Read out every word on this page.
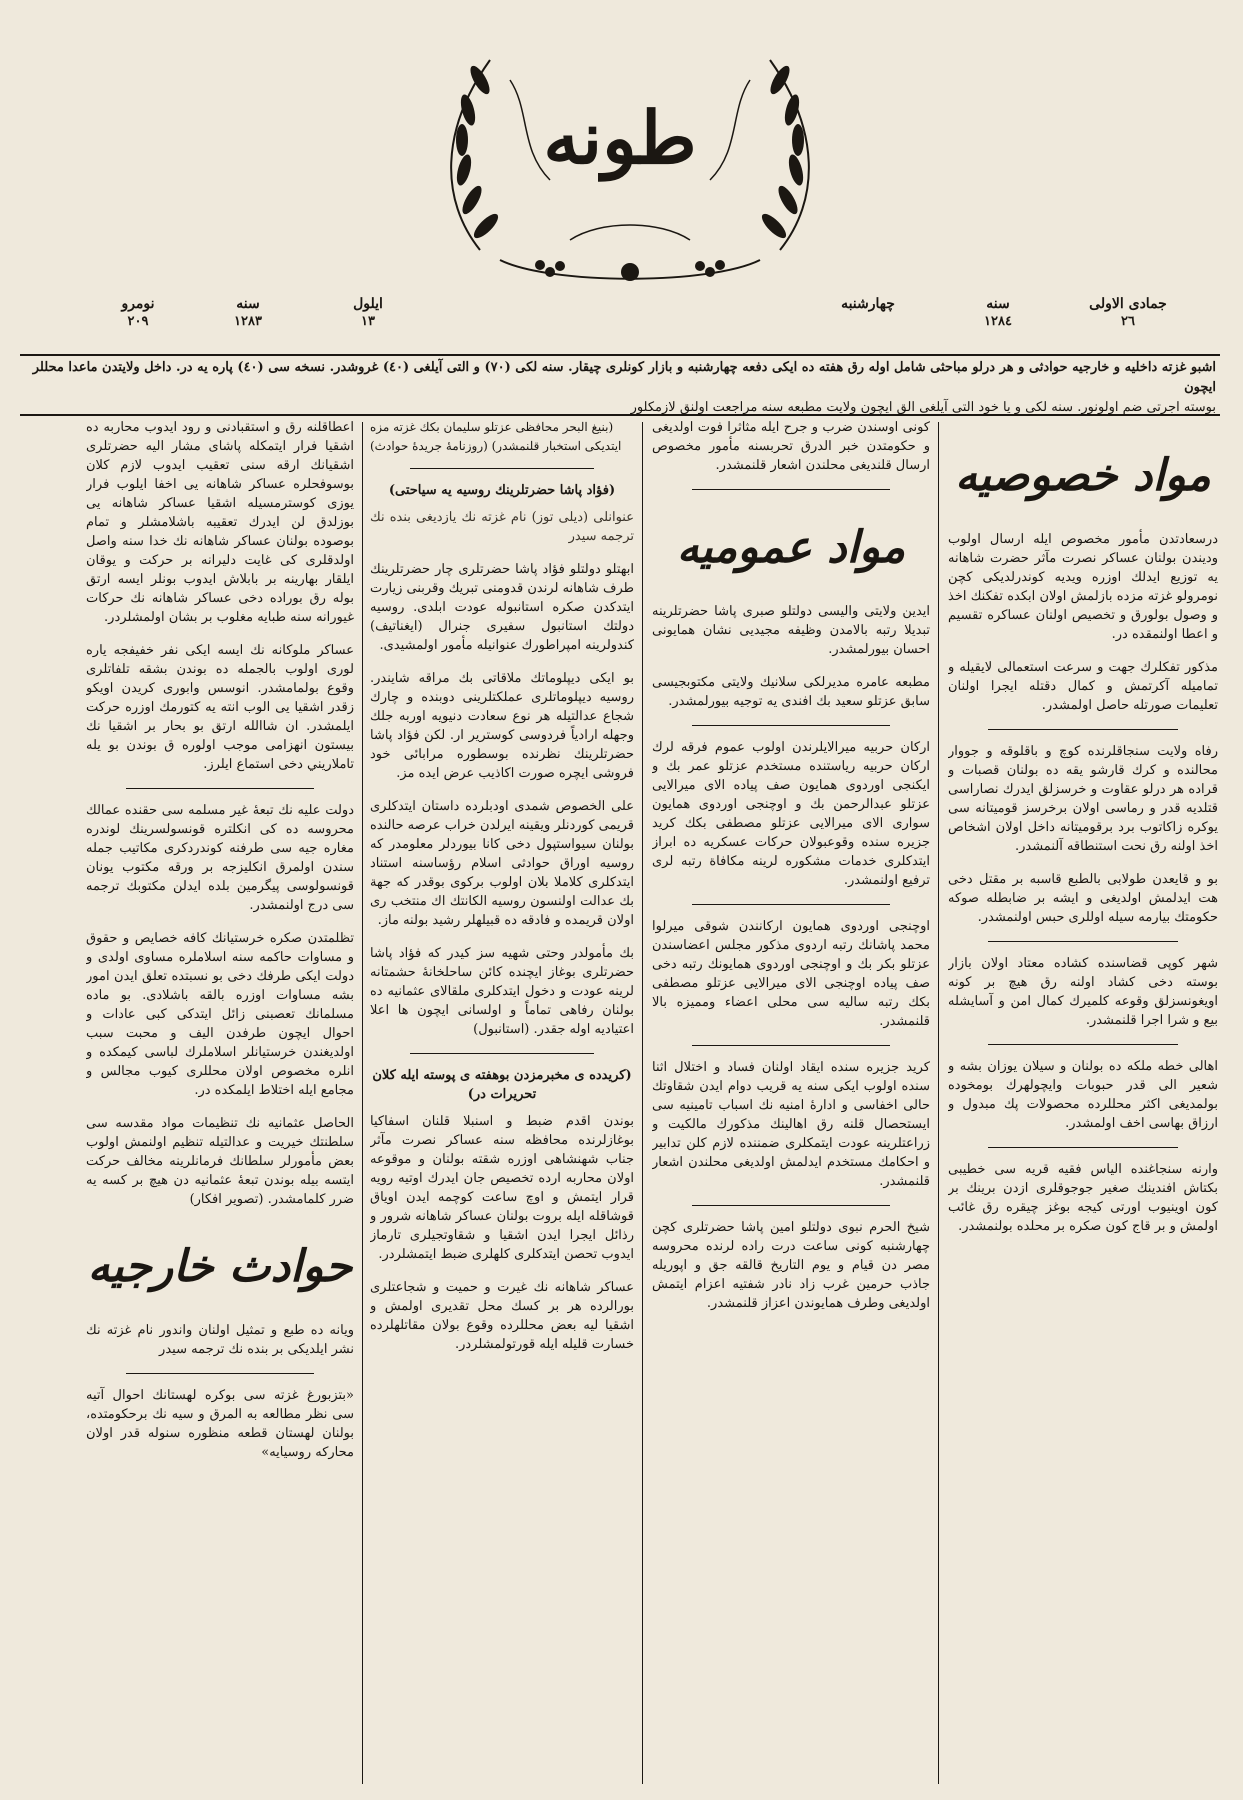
طونه
جمادى الاولى
٢٦
سنه
١٢٨٤
چهارشنبه
ايلول
١٣
سنه
١٢٨٣
نومرو
٢٠٩
اشبو غزته داخليه و خارجيه حوادثى و هر درلو مباحثى شامل اوله رق هفته ده ايكى دفعه چهارشنبه و بازار كونلرى چيقار. سنه لكى (٧٠) و التى آيلغى (٤٠) غروشدر. نسخه سى (٤٠) پاره يه در. داخل ولايتدن ماعدا محللر ايچون
بوسته اجرتى ضم اولونور. سنه لكى و يا خود التى آيلغى الق ايچون ولايت مطبعه سنه مراجعت اولنق لازمكلور
مواد خصوصيه

درسعادتدن مأمور مخصوص ايله ارسال اولوب وديندن بولنان عساكر نصرت مآثر حضرت شاهانه يه توزيع ايدلك اوزره ويديه كوندرلديكى كچن نومرولو غزته مزده بازلمش اولان ابكده تفكنك اخذ و وصول بولورق و تخصيص اولنان عساكره تقسيم و اعطا اولنمقده در.

مذكور تفكلرك جهت و سرعت استعمالى لايقيله و تماميله آكرتمش و كمال دقتله ايجرا اولنان تعليمات صورتله حاصل اولمشدر.

رفاه ولايت سنجاقلرنده كوچ و باقلوقه و جووار محالنده و كرك قارشو يقه ده بولنان قصبات و قراده هر درلو عقاوت و خرسزلق ايدرك نصاراسى قتلديه قدر و رماسى اولان برخرسز قوميتانه سى يوكره زاكاتوب برد برقوميتانه داخل اولان اشخاص اخذ اولنه رق نحت استنطاقه آلنمشدر.

بو و قايعدن طولابى بالطبع قاسبه بر مقتل دخى هت ايدلمش اولديغى و ايشه بر ضابطله صوكه حكومتك بيارمه سيله اوللرى حبس اولنمشدر.

شهر كوپى قضاسنده كشاده معتاد اولان بازار بوسته دخى كشاد اولنه رق هيچ بر كونه اويغونسزلق وقوعه كلميرك كمال امن و آسايشله بيع و شرا اجرا قلنمشدر.

اهالى خطه ملكه ده بولنان و سيلان يوزان بشه و شعير الى قدر حبوبات وايچولهرك بومخوده بولمديغى اكثر محللرده محصولات پك مبدول و ارزاق بهاسى اخف اولمشدر.

وارنه سنجاغنده الياس فقيه قريه سى خطيبى بكتاش افندينك صغير جوجوقلرى ازدن برينك بر كون اوينيوب اورتى كيجه بوغز چيقره رق غائب اولمش و بر قاج كون صكره بر محلده بولنمشدر.

كونى اوسندن ضرب و جرح ايله مثاثرا فوت اولديغى و حكومتدن خبر الدرق تحربسنه مأمور مخصوص ارسال قلنديغى محلندن اشعار قلنمشدر.

مواد عموميه

ايدين ولايتى واليسى دولتلو صبرى پاشا حضرتلرينه تبديلا رتبه بالامدن وظيفه مجيديى نشان همايونى احسان بيورلمشدر.

مطبعه عامره مديرلكى سلانيك ولايتى مكتوبجيسى سابق عزتلو سعيد بك افندى يه توجيه بيورلمشدر.

اركان حربيه ميرالايلرندن اولوب عموم فرقه لرك اركان حربيه رياستنده مستخدم عزتلو عمر بك و ايكنجى اوردوى همايون صف پياده الاى ميرالايى عزتلو عبدالرحمن بك و اوچنجى اوردوى همايون سوارى الاى ميرالايى عزتلو مصطفى بكك كريد جزيره سنده وقوعبولان حركات عسكريه ده ابراز ايتدكلرى خدمات مشكوره لرينه مكافاة رتبه لرى ترفيع اولنمشدر.

اوچنجى اوردوى همايون اركانندن شوقى ميرلوا محمد پاشانك رتبه اردوى مذكور مجلس اعضاسندن عزتلو بكر بك و اوچنجى اوردوى همايونك رتبه دخى صف پياده اوچنجى الاى ميرالايى عزتلو مصطفى بكك رتبه ساليه سى محلى اعضاء ومميزه بالا قلنمشدر.

كريد جزيره سنده ايقاد اولنان فساد و اختلال اثنا سنده اولوب ايكى سنه يه قريب دوام ايدن شقاوتك حالى اخفاسى و ادارۀ امنيه نك اسباب تامينيه سى ايستحصال قلنه رق اهالينك مذكورك مالكيت و زراعتلرينه عودت ايتمكلرى ضمننده لازم كلن تدابير و احكامك مستخدم ايدلمش اولديغى محلندن اشعار قلنمشدر.

شيخ الحرم نبوى دولتلو امين پاشا حضرتلرى كچن چهارشنبه كونى ساعت درت راده لرنده محروسه مصر دن قيام و يوم التاريخ قالقه جق و اپوريله جاذب حرمين غرب زاد نادر شفتيه اعزام ايتمش اولديغى وطرف همايوندن اعزاز قلنمشدر.

(بنيغ البحر محافظى عزتلو سليمان بكك غزته مزه ايتديكى استخبار قلنمشدر) (روزنامۀ جريدۀ حوادث)

(فؤاد پاشا حضرتلرينك روسيه يه سياحتى)

عنوانلى (ديلى توز) نام غزته نك يازديغى بنده نك ترجمه سيدر

ابهتلو دولتلو فؤاد پاشا حضرتلرى چار حضرتلرينك طرف شاهانه لرندن قدومنى تبريك وقربنى زيارت ايتدكدن صكره استانبوله عودت ابلدى. روسيه دولتك استانبول سفيرى جنرال (ايغناتيف) كندولرينه امپراطورك عنوانيله مأمور اولمشيدى.

بو ايكى ديپلوماتك ملاقاتى بك مراقه شايندر. روسيه ديپلوماتلرى عملكتلرينى دوبنده و چارك شجاع عدالتيله هر نوع سعادت دنيويه اوربه جلك وجهله ارادياً فردوسى كوسترير ار. لكن فؤاد پاشا حضرتلرينك نظرنده بوسطوره مرابائى خود فروشى ايچره صورت اكاذيب عرض ايده مز.

على الخصوص شمدى اودبلرده داستان ايتدكلرى قريمى كوردنلر ويقينه ايرلدن خراب عرصه حالنده بولنان سيواستپول دخى كانا بيوردلر معلومدر كه روسيه اوراق حوادثى اسلام رؤساسنه استناد ايتدكلرى كلاملا بلان اولوب بركوى بوقدر كه جهة بك عدالت اولنسون روسيه الكانتك اك منتخب رى اولان قريمده و فادقه ده قبيلهلر رشيد بولنه ماز.

بك مأمولدر وحتى شهيه سز كيدر كه فؤاد پاشا حضرتلرى بوغاز ايچنده كائن ساحلخانۀ حشمتانه لرينه عودت و دخول ايتدكلرى ملقالاى عثمانيه ده بولنان رفاهى تماماً و اولسانى ايچون ها اعلا اعتياديه اوله جقدر. (استانبول)

(كريدده ى مخبرمزدن بوهفته ى پوسته ايله كلان تحريرات در)

بوندن اقدم ضبط و اسنبلا قلنان اسفاكيا بوغازلرنده محافظه سنه عساكر نصرت مآثر جناب شهنشاهى اوزره شقته بولنان و موقوعه اولان محاربه ارده تخصيص جان ايدرك اوتيه رويه قرار ايتمش و اوچ ساعت كوچمه ايدن اوياق قوشاقله ايله بروت بولنان عساكر شاهانه شرور و رذائل ايجرا ايدن اشقيا و شقاوتجيلرى تارماز ايدوب تحصن ايتدكلرى كلهلرى ضبط ايتمشلردر.

عساكر شاهانه نك غيرت و حميت و شجاعتلرى بورالرده هر بر كسك محل تقديرى اولمش و اشقيا ليه بعض محللرده وقوع بولان مقاتلهلرده خسارت قليله ايله قورتولمشلردر.

اعطاقلنه رق و استقبادنى و رود ايدوب محاربه ده اشقيا فرار ايتمكله پاشاى مشار اليه حضرتلرى اشقيانك ارقه سنى تعقيب ايدوب لازم كلان بوسوفحلره عساكر شاهانه يى اخفا ايلوب فرار يوزى كوسترمسيله اشقيا عساكر شاهانه يى بوزلدق لن ايدرك تعقيبه باشلامشلر و تمام بوصوده بولنان عساكر شاهانه نك خدا سنه واصل اولدقلرى كى غايت دليرانه بر حركت و يوقان ايلقار بهارينه بر بابلاش ايدوب بونلر ايسه ارتق بوله رق بوراده دخى عساكر شاهانه نك حركات غيورانه سنه طبايه مغلوب بر بشان اولمشلردر.

عساكر ملوكانه نك ايسه ايكى نفر خفيفجه ياره لورى اولوب بالجمله ده بوندن بشقه تلفاتلرى وقوع بولمامشدر. انوسس وابورى كريدن اويكو زقدر اشقيا يى الوب انته يه كتورمك اوزره حركت ايلمشدر. ان شاالله ارتق بو بحار بر اشقيا نك بيستون انهزامى موجب اولوره ق بوندن بو يله تاملاريني دخى استماع ايلرز.

دولت عليه نك تبعۀ غير مسلمه سى حقنده عمالك محروسه ده كى انكلتره قونسولسرينك لوندره مغاره جيه سى طرفنه كوندردكرى مكاتيب جمله سندن اولمرق انكليزجه بر ورقه مكتوب يونان قونسولوسى پيگرمين بلده ايدلن مكتوبك ترجمه سى درج اولنمشدر.

تظلمتدن صكره خرستيانك كافه خصايص و حقوق و مساوات حاكمه سنه اسلاملره مساوى اولدى و دولت ايكى طرفك دخى بو نسبتده تعلق ايدن امور بشه مساوات اوزره بالقه باشلادى. بو ماده مسلمانك تعصبنى زائل ايتدكى كبى عادات و احوال ايچون طرفدن اليف و محبت سبب اولديغندن خرستيانلر اسلاملرك لباسى كيمكده و انلره مخصوص اولان محللرى كيوب مجالس و مجامع ايله اختلاط ايلمكده در.

الحاصل عثمانيه نك تنظيمات مواد مقدسه سى سلطنتك خيريت و عدالتيله تنظيم اولنمش اولوب بعض مأمورلر سلطانك فرمانلرينه مخالف حركت ايتسه بيله بوندن تبعۀ عثمانيه دن هيچ بر كسه يه ضرر كلمامشدر. (تصوير افكار)

حوادث خارجيه

ويانه ده طبع و تمثيل اولنان واندور نام غزته نك نشر ايلديكى بر بنده نك ترجمه سيدر

«بتزبورغ غزته سى بوكره لهستانك احوال آتيه سى نظر مطالعه به المرق و سيه نك برحكومتده، بولنان لهستان قطعه منظوره سنوله قدر اولان محاركه روسيايه»
